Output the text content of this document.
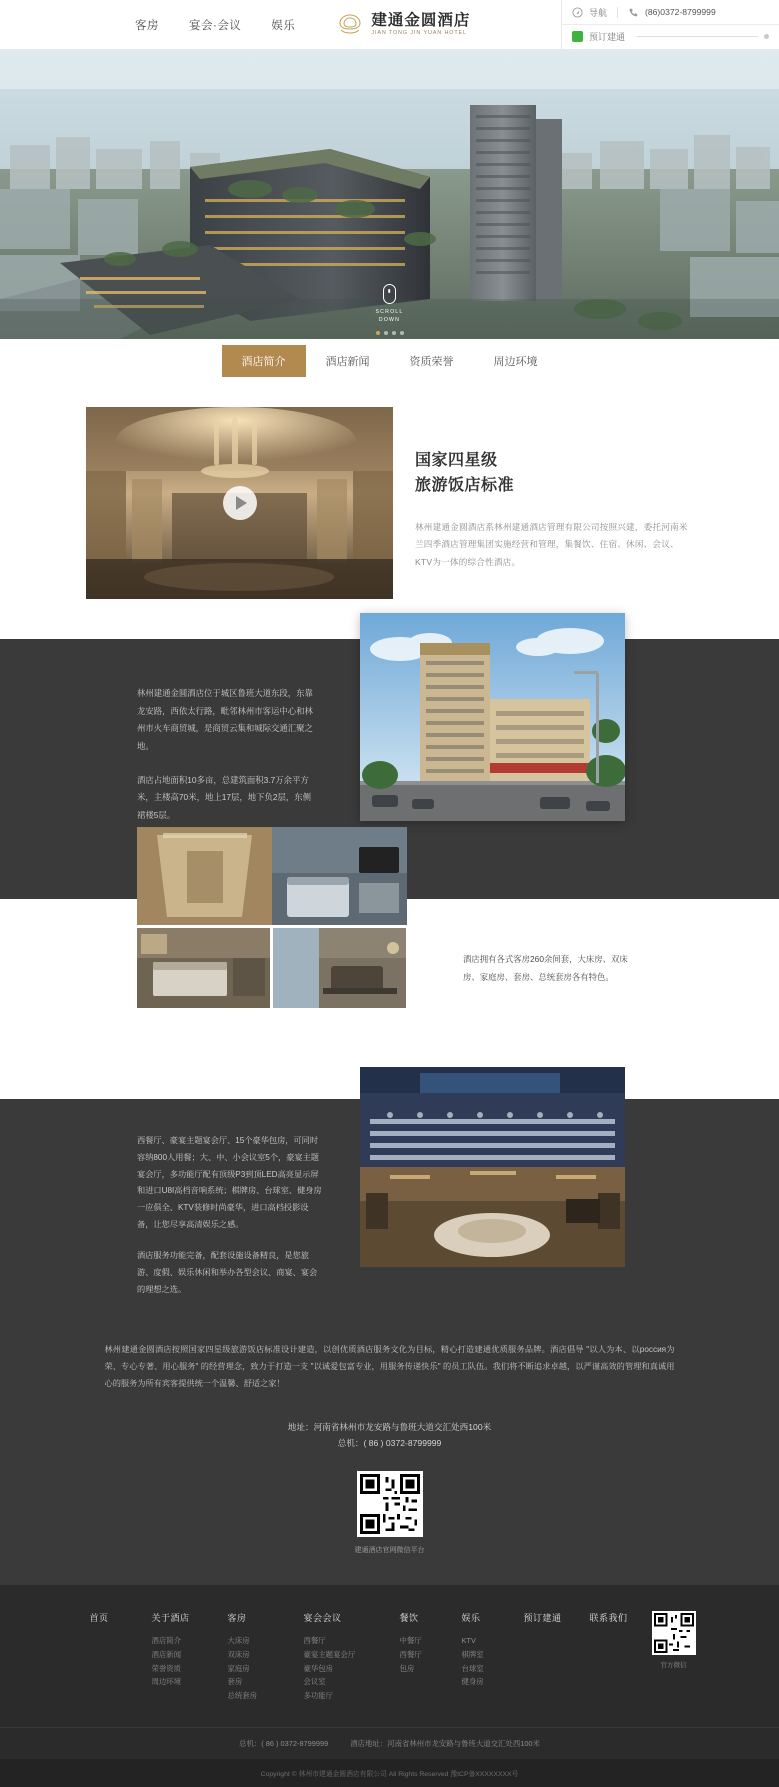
客房	宴会·会议	娱乐	建通金圆酒店
JIAN TONG JIN YUAN HOTEL
导航	(86)0372-8799999
预订建通
SCROLL
DOWN
酒店简介	酒店新闻	资质荣誉	周边环境
国家四星级
旅游饭店标准

林州建通金圆酒店系林州建通酒店管理有限公司按照兴建，委托河南米兰四季酒店管理集团实施经营和管理，集餐饮、住宿、休闲、会议、KTV为一体的综合性酒店。

林州建通金圆酒店位于城区鲁班大道东段，东靠龙安路，西依太行路，毗邻林州市客运中心和林州市火车商贸城，是商贸云集和城际交通汇聚之地。

酒店占地面积10多亩，总建筑面积3.7万余平方米，主楼高70米，地上17层，地下负2层，东侧裙楼5层。

酒店拥有各式客房260余间套，大床房、双床房、家庭房、套房、总统套房各有特色。

西餐厅、豪宴主题宴会厅、15个豪华包房，可同时容纳800人用餐；大、中、小会议室5个，豪宴主题宴会厅，多功能厅配有顶级P3到顶LED高亮显示屏和进口U8I高档音响系统；棋牌房、台球室、健身房一应俱全、KTV装修时尚豪华，进口高档投影设备，让您尽享高清娱乐之感。

酒店服务功能完备，配套设施设备精良，是您旅游、度假、娱乐休闲和举办各型会议、商宴、宴会的理想之选。

林州建通金圆酒店按照国家四星级旅游饭店标准设计建造，以创优质酒店服务文化为目标，精心打造建通优质服务品牌。酒店倡导 "以人为本、以россия为荣、专心专著、用心服务" 的经营理念，致力于打造一支 "以诚爱包富专业，用服务传递快乐" 的员工队伍。我们将不断追求卓越，以严谨高效的管理和真诚用心的服务为所有宾客提供统一个温馨、舒适之家！
地址：河南省林州市龙安路与鲁班大道交汇处西100米
总机：( 86 ) 0372-8799999
建通酒店官网微信平台
首页	关于酒店
酒店简介
酒店新闻
荣誉资质
周边环境
客房
大床房
双床房
家庭房
套房
总统套房
宴会会议
西餐厅
豪宴主题宴会厅
豪华包房
会议室
多功能厅
餐饮
中餐厅
西餐厅
包房
娱乐
KTV
棋牌室
台球室
健身房
预订建通	联系我们
官方微信
总机：( 86 ) 0372-8799999	酒店地址：河南省林州市龙安路与鲁班大道交汇处西100米
Copyright © 林州市建通金圆酒店有限公司 All Rights Reserved 豫ICP备XXXXXXXX号
